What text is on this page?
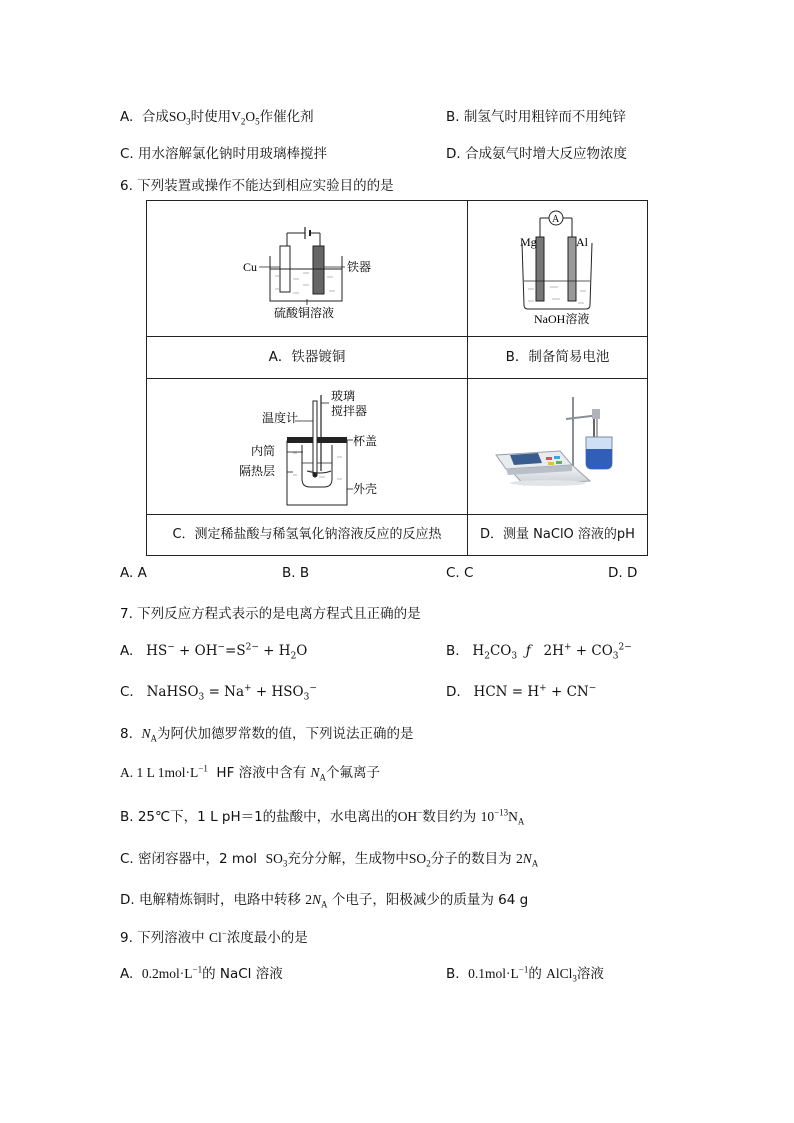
A. 合成$SO_3$时使用$V_2O_5$作催化剂	B. 制氢气时用粗锌而不用纯锌
C. 用水溶解氯化钠时用玻璃棒搅拌	D. 合成氨气时增大反应物浓度
6. 下列装置或操作不能达到相应实验目的的是
Cu	铁器
硫酸铜溶液
A
Mg	Al
NaOH溶液
A．铁器镀铜	B．制备简易电池
温度计
玻璃
搅拌器
杯盖
内筒
隔热层
外壳
C．测定稀盐酸与稀氢氧化钠溶液反应的反应热	D．测量 NaClO 溶液的pH
A. A	B. B	C. C	D. D
7. 下列反应方程式表示的是电离方程式且正确的是
A.   $HS^- + OH^-=S^{2-} + H_2O$	B.   $H_2CO_3$ ƒ   $2H^+ + CO_3^{2-}$
C.   NaHSO$_3$ = $Na^+ + HSO_3^-$	D.   HCN = H+ + CN−
8. $N_A$为阿伏加德罗常数的值，下列说法正确的是
A. 1 L $1mol\cdot L^{-1}$ HF 溶液中含有 $N_A$个氟离子
B. 25℃下，1 L pH＝1的盐酸中，水电离出的OH−数目约为 $10^{-13}N_A$
C. 密闭容器中，2 mol $SO_3$充分分解，生成物中$SO_2$分子的数目为 $2N_A$
D. 电解精炼铜时，电路中转移 $2N_A$ 个电子，阳极减少的质量为 64 g
9. 下列溶液中 Cl−浓度最小的是
A. $0.2mol\cdot L^{-1}$的 NaCl 溶液	B. $0.1mol\cdot L^{-1}$的 AlCl$_3$溶液
